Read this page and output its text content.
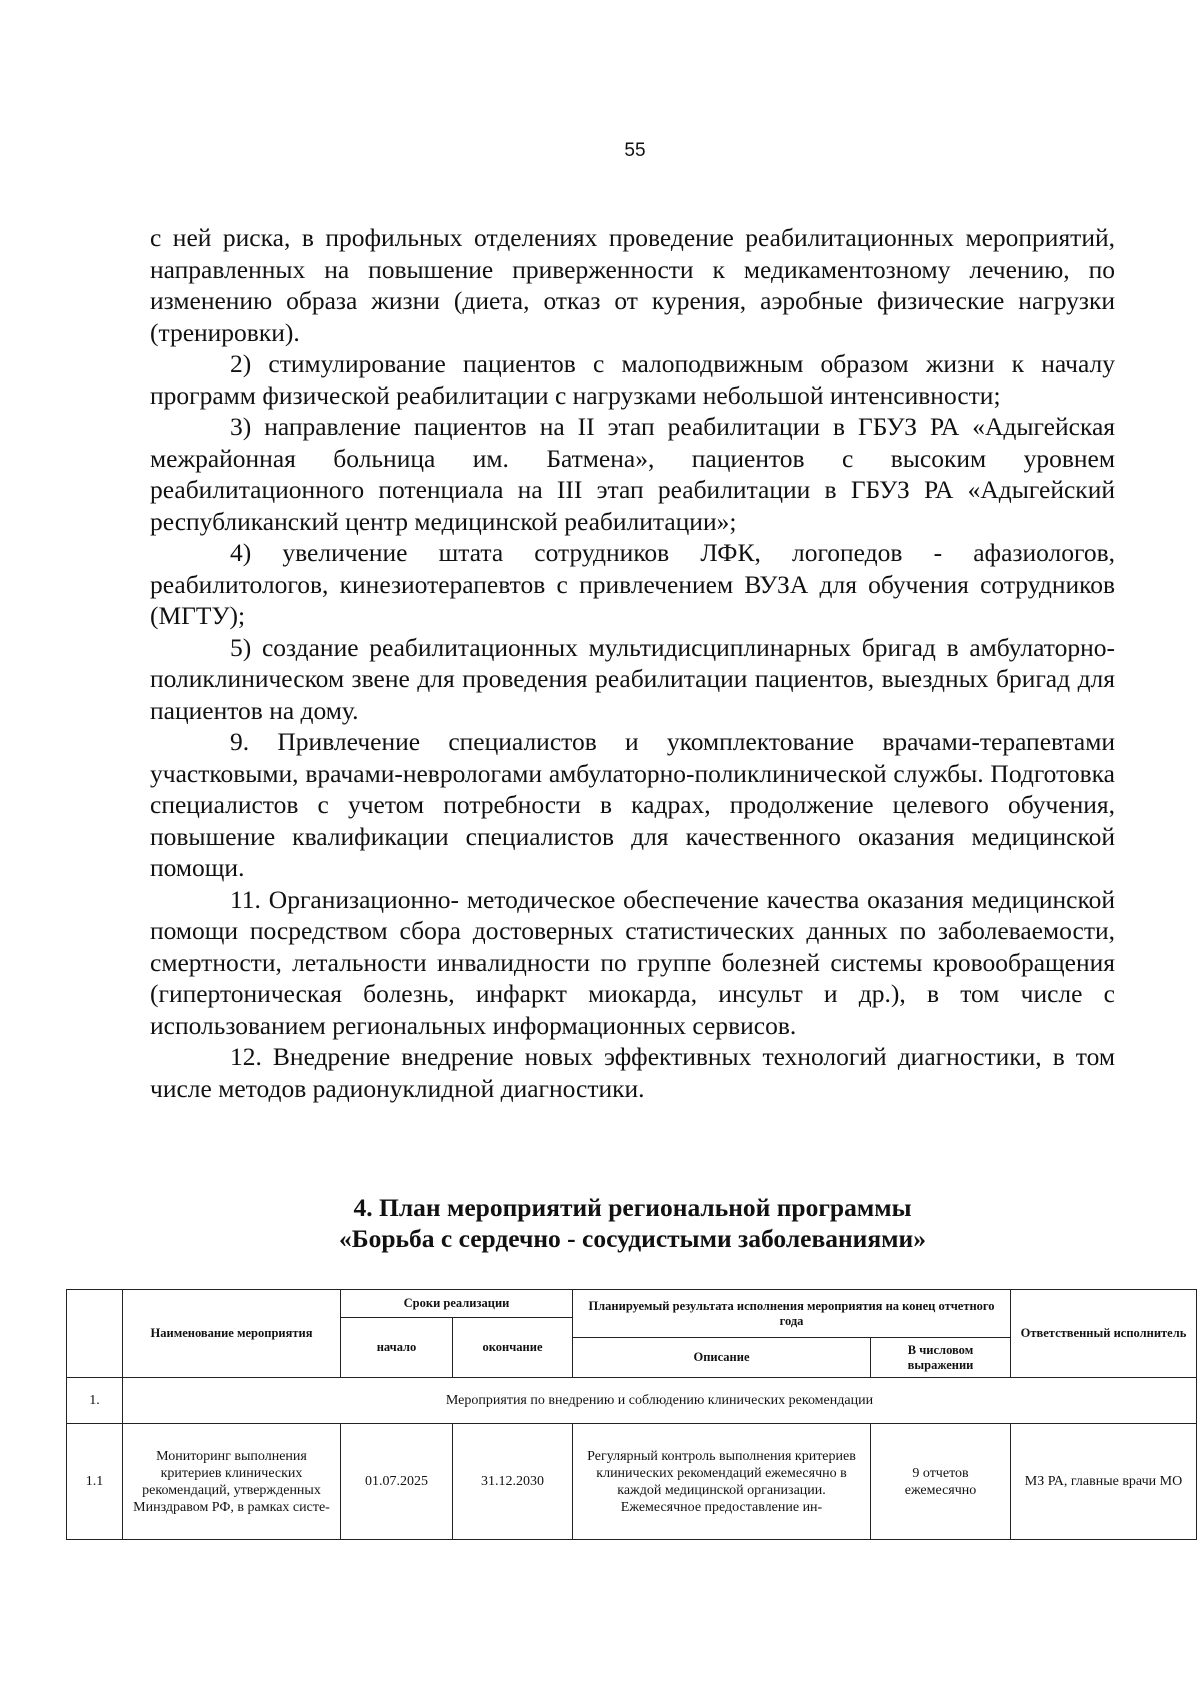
55

с ней риска, в профильных отделениях проведение реабилитационных мероприятий, направленных на повышение приверженности к медикаментозному лечению, по изменению образа жизни (диета, отказ от курения, аэробные физические нагрузки (тренировки).

2) стимулирование пациентов с малоподвижным образом жизни к началу программ физической реабилитации с нагрузками небольшой интенсивности;

3) направление пациентов на II этап реабилитации в ГБУЗ РА «Адыгейская межрайонная больница им. Батмена», пациентов с высоким уровнем реабилитационного потенциала на III этап реабилитации в ГБУЗ РА «Адыгейский республиканский центр медицинской реабилитации»;

4) увеличение штата сотрудников ЛФК, логопедов - афазиологов, реабилитологов, кинезиотерапевтов с привлечением ВУЗА для обучения сотрудников (МГТУ);

5) создание реабилитационных мультидисциплинарных бригад в амбулаторно- поликлиническом звене для проведения реабилитации пациентов, выездных бригад для пациентов на дому.

9. Привлечение специалистов и укомплектование врачами-терапевтами участковыми, врачами-неврологами амбулаторно-поликлинической службы. Подготовка специалистов с учетом потребности в кадрах, продолжение целевого обучения, повышение квалификации специалистов для качественного оказания медицинской помощи.

11. Организационно- методическое обеспечение качества оказания медицинской помощи посредством сбора достоверных статистических данных по заболеваемости, смертности, летальности инвалидности по группе болезней системы кровообращения (гипертоническая болезнь, инфаркт миокарда, инсульт и др.), в том числе с использованием региональных информационных сервисов.

12. Внедрение внедрение новых эффективных технологий диагностики, в том числе методов радионуклидной диагностики.

4. План мероприятий региональной программы
«Борьба с сердечно - сосудистыми заболеваниями»
	Наименование мероприятия	Сроки реализации		Планируемый результата исполнения мероприятия на конец отчетного года		Ответственный исполнитель
		начало	окончание			
				Описание	В числовом выражении	
1.	Мероприятия по внедрению и соблюдению клинических рекомендации					
1.1	Мониторинг выполнения критериев клинических рекомендаций, утвержденных Минздравом РФ, в рамках систе-	01.07.2025	31.12.2030	Регулярный контроль выполнения критериев клинических рекомендаций ежемесячно в каждой медицинской организации. Ежемесячное предоставление ин-	9 отчетов ежемесячно	МЗ РА, главные врачи МО
